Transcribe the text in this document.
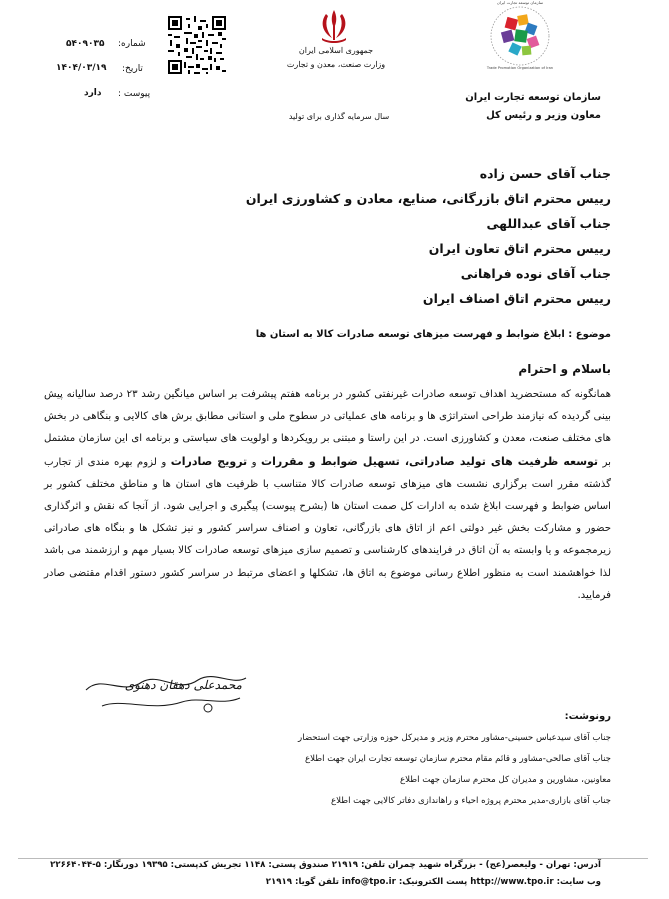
سازمان توسعه تجارت ایران
Trade Promotion Organization of Iran
سازمان توسعه تجارت ایران
معاون وزیر و رئیس کل
جمهوری اسلامی ایران
وزارت صنعت، معدن و تجارت
سال سرمایه گذاری برای تولید
شماره:
۵۴۰۹۰۳۵
تاریخ:
۱۴۰۴/۰۳/۱۹
پیوست :
دارد
جناب آقای حسن زاده
رییس محترم اتاق بازرگانی، صنایع، معادن و کشاورزی ایران
جناب آقای عبداللهی
رییس محترم اتاق تعاون ایران
جناب آقای نوده فراهانی
رییس محترم اتاق اصناف ایران
موضوع : ابلاغ ضوابط و فهرست میزهای توسعه صادرات کالا به استان ها
باسلام و احترام
همانگونه که مستحضرید اهداف توسعه صادرات غیرنفتی کشور در برنامه هفتم پیشرفت بر اساس میانگین رشد ۲۳ درصد سالیانه پیش بینی گردیده که نیازمند طراحی استراتژی ها و برنامه های عملیاتی در سطوح ملی و استانی مطابق برش های کالایی و بنگاهی در بخش های مختلف صنعت، معدن و کشاورزی است. در این راستا و مبتنی بر رویکردها و اولویت های سیاستی و برنامه ای این سازمان مشتمل بر توسعه ظرفیت های تولید صادراتی، تسهیل ضوابط و مقررات و ترویج صادرات و لزوم بهره مندی از تجارب گذشته مقرر است برگزاری نشست های میزهای توسعه صادرات کالا متناسب با ظرفیت های استان ها و مناطق مختلف کشور بر اساس ضوابط و فهرست ابلاغ شده به ادارات کل صمت استان ها (بشرح پیوست) پیگیری و اجرایی شود. از آنجا که نقش و اثرگذاری حضور و مشارکت بخش غیر دولتی اعم از اتاق های بازرگانی، تعاون و اصناف سراسر کشور و نیز تشکل ها و بنگاه های صادراتی زیرمجموعه و یا وابسته به آن اتاق در فرایندهای کارشناسی و تصمیم سازی میزهای توسعه صادرات کالا بسیار مهم و ارزشمند می باشد لذا خواهشمند است به منظور اطلاع رسانی موضوع به اتاق ها، تشکلها و اعضای مرتبط در سراسر کشور دستور اقدام مقتضی صادر فرمایید.
محمدعلی دهقان دهنوی
رونوشت:
جناب آقای سیدعباس حسینی-مشاور محترم وزیر و مدیرکل حوزه وزارتی جهت استحضار
جناب آقای صالحی-مشاور و قائم مقام محترم سازمان توسعه تجارت ایران جهت اطلاع
معاونین، مشاورین و مدیران کل محترم سازمان جهت اطلاع
جناب آقای بازاری-مدیر محترم پروژه احیاء و راهاندازی دفاتر کالایی جهت اطلاع
آدرس: تهران - ولیعصر(عج) - بزرگراه شهید چمران تلفن: ۲۱۹۱۹ صندوق پستی: ۱۱۴۸ تجریش کدپستی: ۱۹۳۹۵ دورنگار: ۵-۲۲۶۶۴۰۴۴
وب سایت: http://www.tpo.ir پست الکترونیک: info@tpo.ir تلفن گویا: ۲۱۹۱۹
